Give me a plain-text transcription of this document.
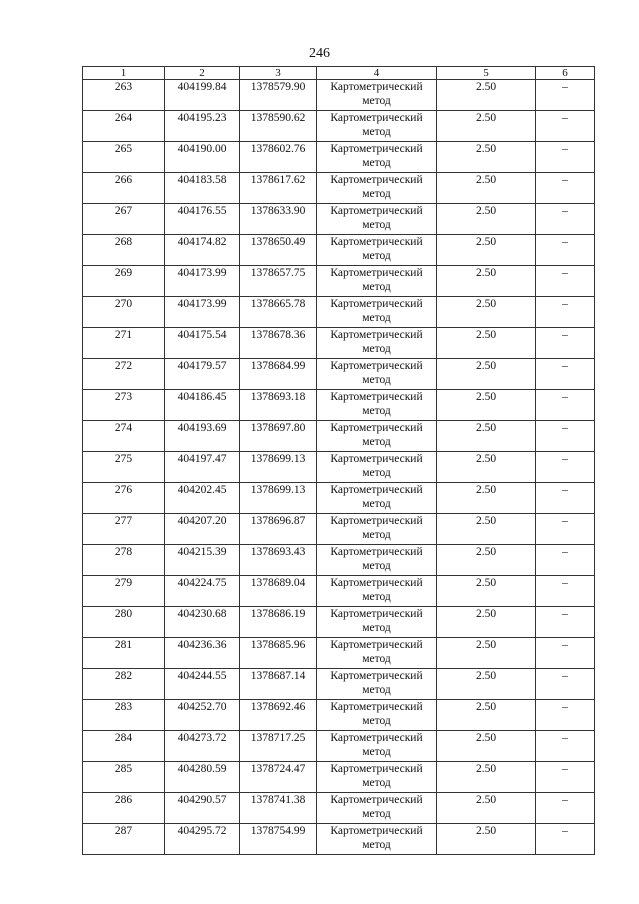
246
1	2	3	4	5	6
263	404199.84	1378579.90	Картометрический метод	2.50	–
264	404195.23	1378590.62	Картометрический метод	2.50	–
265	404190.00	1378602.76	Картометрический метод	2.50	–
266	404183.58	1378617.62	Картометрический метод	2.50	–
267	404176.55	1378633.90	Картометрический метод	2.50	–
268	404174.82	1378650.49	Картометрический метод	2.50	–
269	404173.99	1378657.75	Картометрический метод	2.50	–
270	404173.99	1378665.78	Картометрический метод	2.50	–
271	404175.54	1378678.36	Картометрический метод	2.50	–
272	404179.57	1378684.99	Картометрический метод	2.50	–
273	404186.45	1378693.18	Картометрический метод	2.50	–
274	404193.69	1378697.80	Картометрический метод	2.50	–
275	404197.47	1378699.13	Картометрический метод	2.50	–
276	404202.45	1378699.13	Картометрический метод	2.50	–
277	404207.20	1378696.87	Картометрический метод	2.50	–
278	404215.39	1378693.43	Картометрический метод	2.50	–
279	404224.75	1378689.04	Картометрический метод	2.50	–
280	404230.68	1378686.19	Картометрический метод	2.50	–
281	404236.36	1378685.96	Картометрический метод	2.50	–
282	404244.55	1378687.14	Картометрический метод	2.50	–
283	404252.70	1378692.46	Картометрический метод	2.50	–
284	404273.72	1378717.25	Картометрический метод	2.50	–
285	404280.59	1378724.47	Картометрический метод	2.50	–
286	404290.57	1378741.38	Картометрический метод	2.50	–
287	404295.72	1378754.99	Картометрический метод	2.50	–
